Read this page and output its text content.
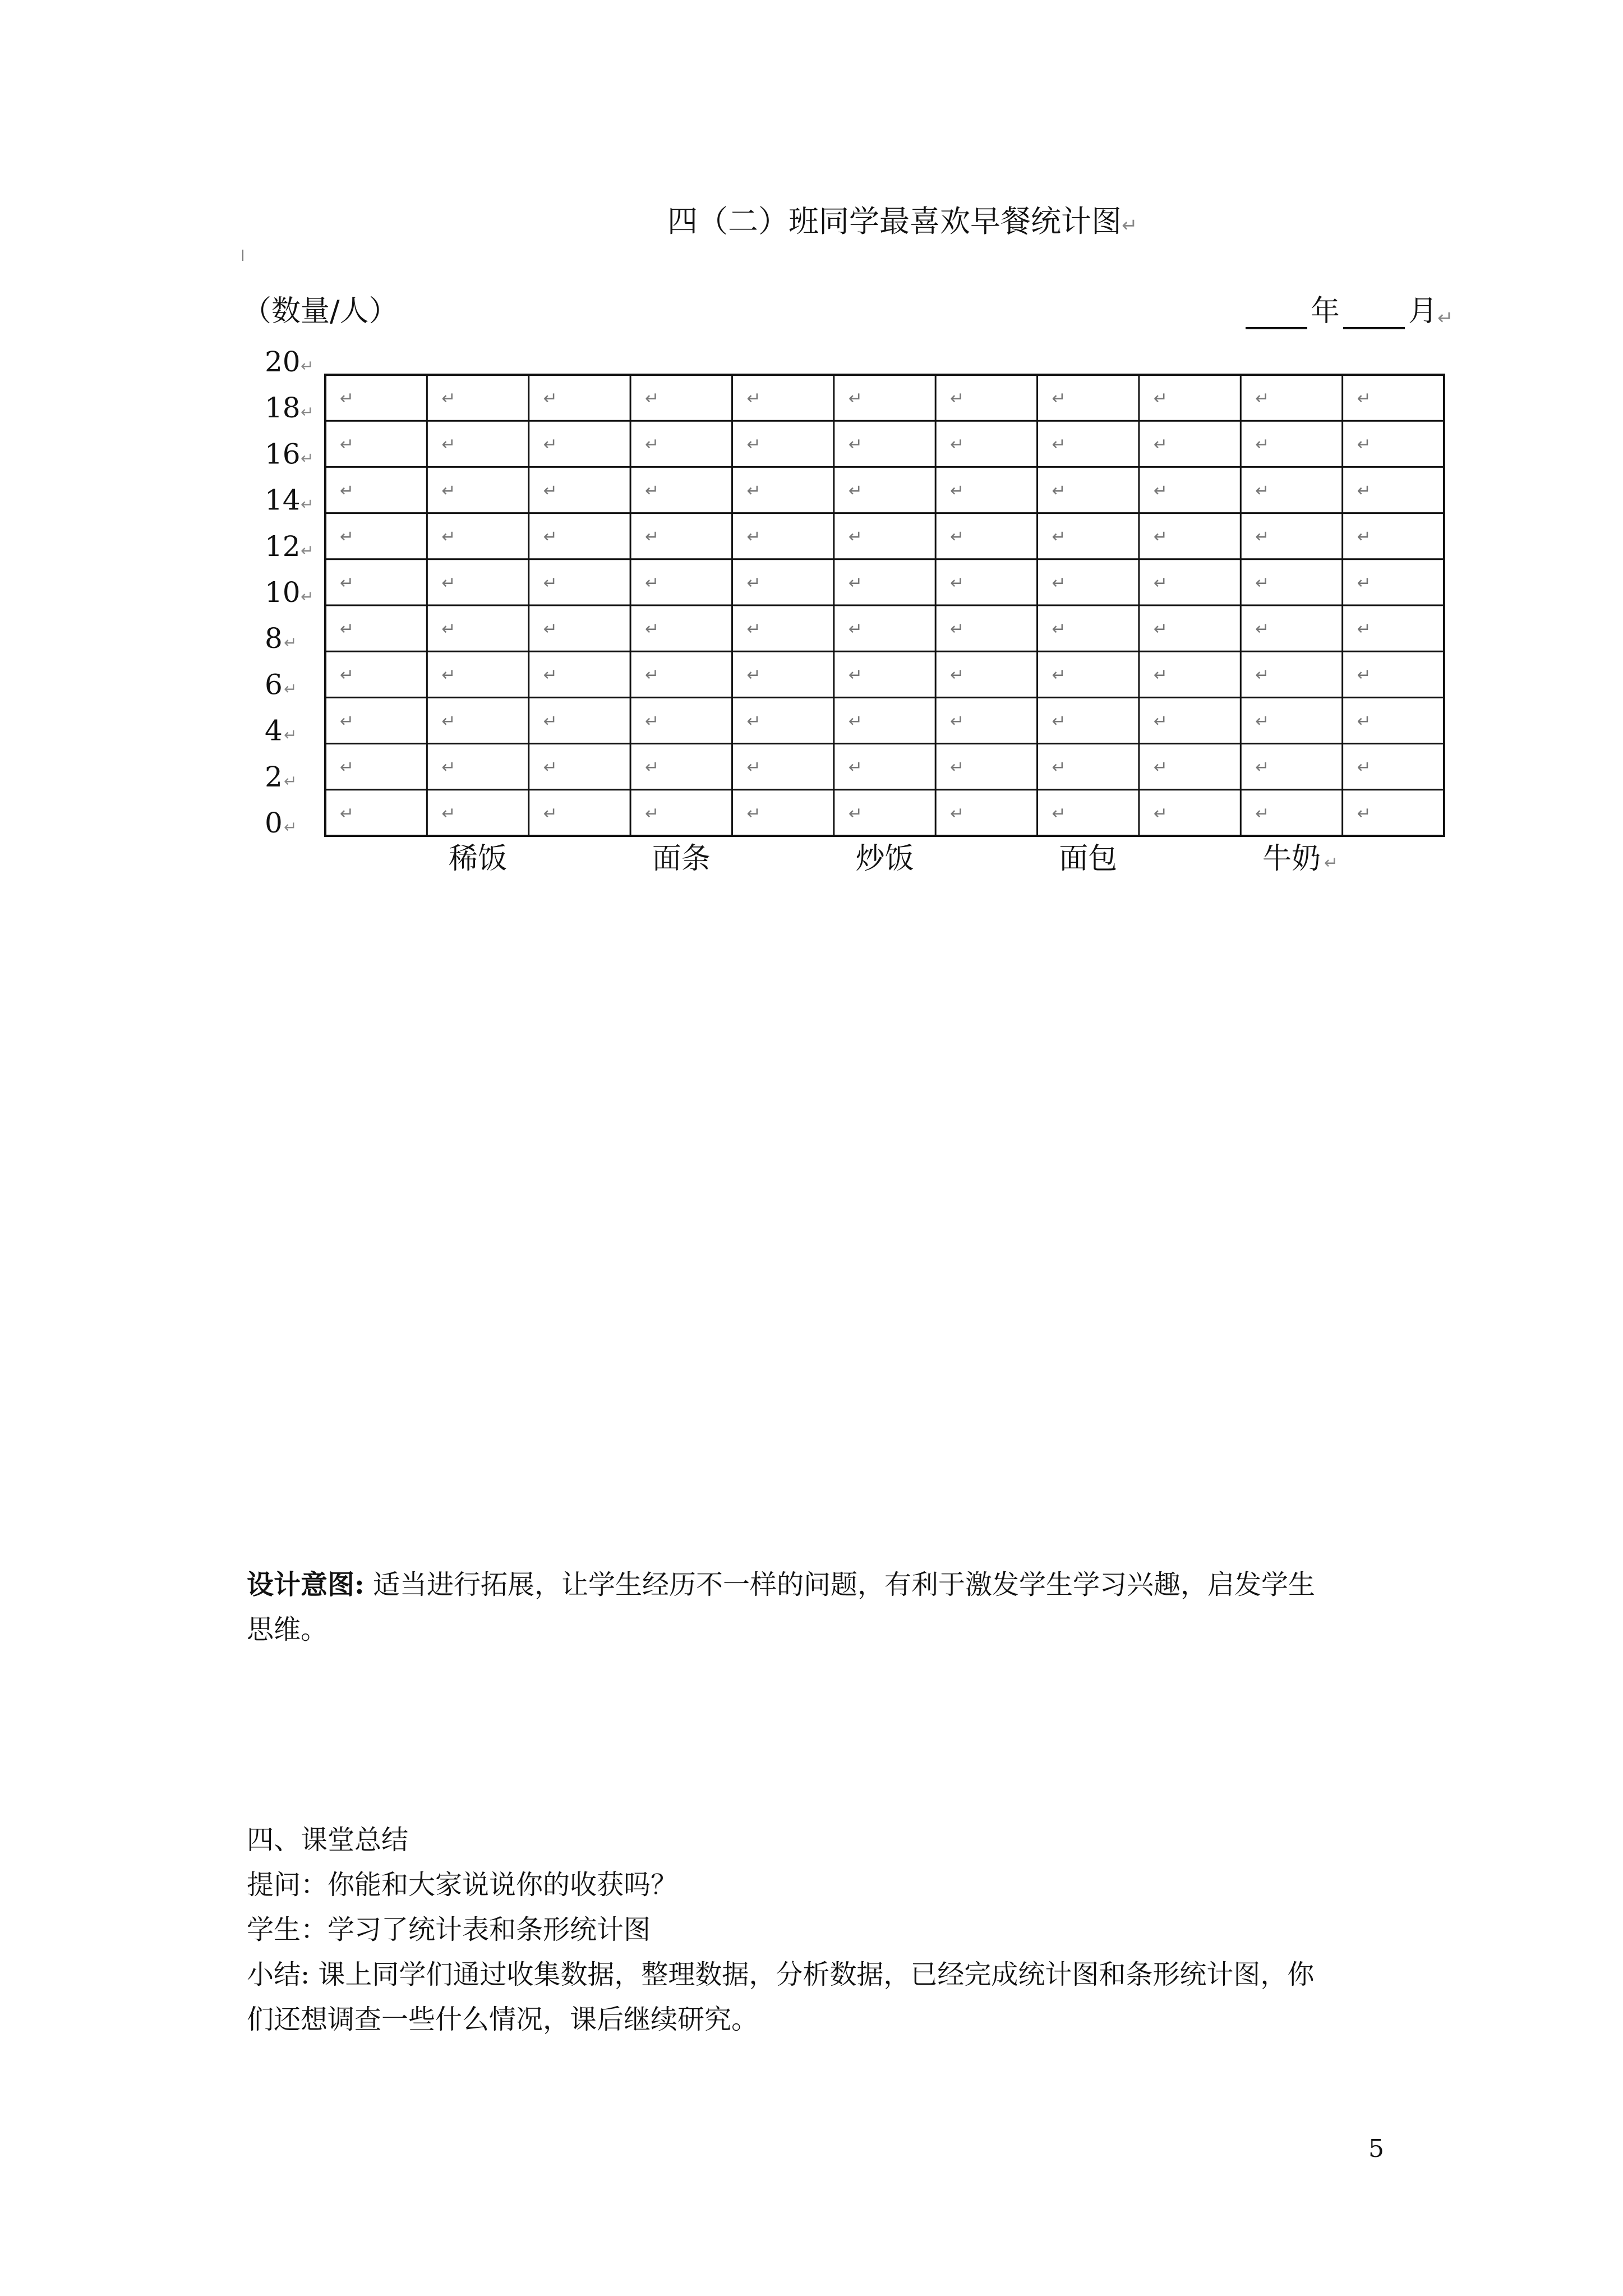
四（二）班同学最喜欢早餐统计图↵
（数量/人）	年 月 ↵
↵	↵	↵	↵	↵	↵	↵	↵	↵	↵	↵
↵	↵	↵	↵	↵	↵	↵	↵	↵	↵	↵
↵	↵	↵	↵	↵	↵	↵	↵	↵	↵	↵
↵	↵	↵	↵	↵	↵	↵	↵	↵	↵	↵
↵	↵	↵	↵	↵	↵	↵	↵	↵	↵	↵
↵	↵	↵	↵	↵	↵	↵	↵	↵	↵	↵
↵	↵	↵	↵	↵	↵	↵	↵	↵	↵	↵
↵	↵	↵	↵	↵	↵	↵	↵	↵	↵	↵
↵	↵	↵	↵	↵	↵	↵	↵	↵	↵	↵
↵	↵	↵	↵	↵	↵	↵	↵	↵	↵	↵
20 ↵
18 ↵
16 ↵
14 ↵
12 ↵
10 ↵
8 ↵
6 ↵
4 ↵
2 ↵
0 ↵
稀饭	面条	炒饭	面包	牛奶 ↵
设计意图: 适当进行拓展，让学生经历不一样的问题，有利于激发学生学习兴趣，启发学生
思维。
四、课堂总结
提问：你能和大家说说你的收获吗？
学生：学习了统计表和条形统计图
小结: 课上同学们通过收集数据，整理数据，分析数据，已经完成统计图和条形统计图，你
们还想调查一些什么情况，课后继续研究。
5
